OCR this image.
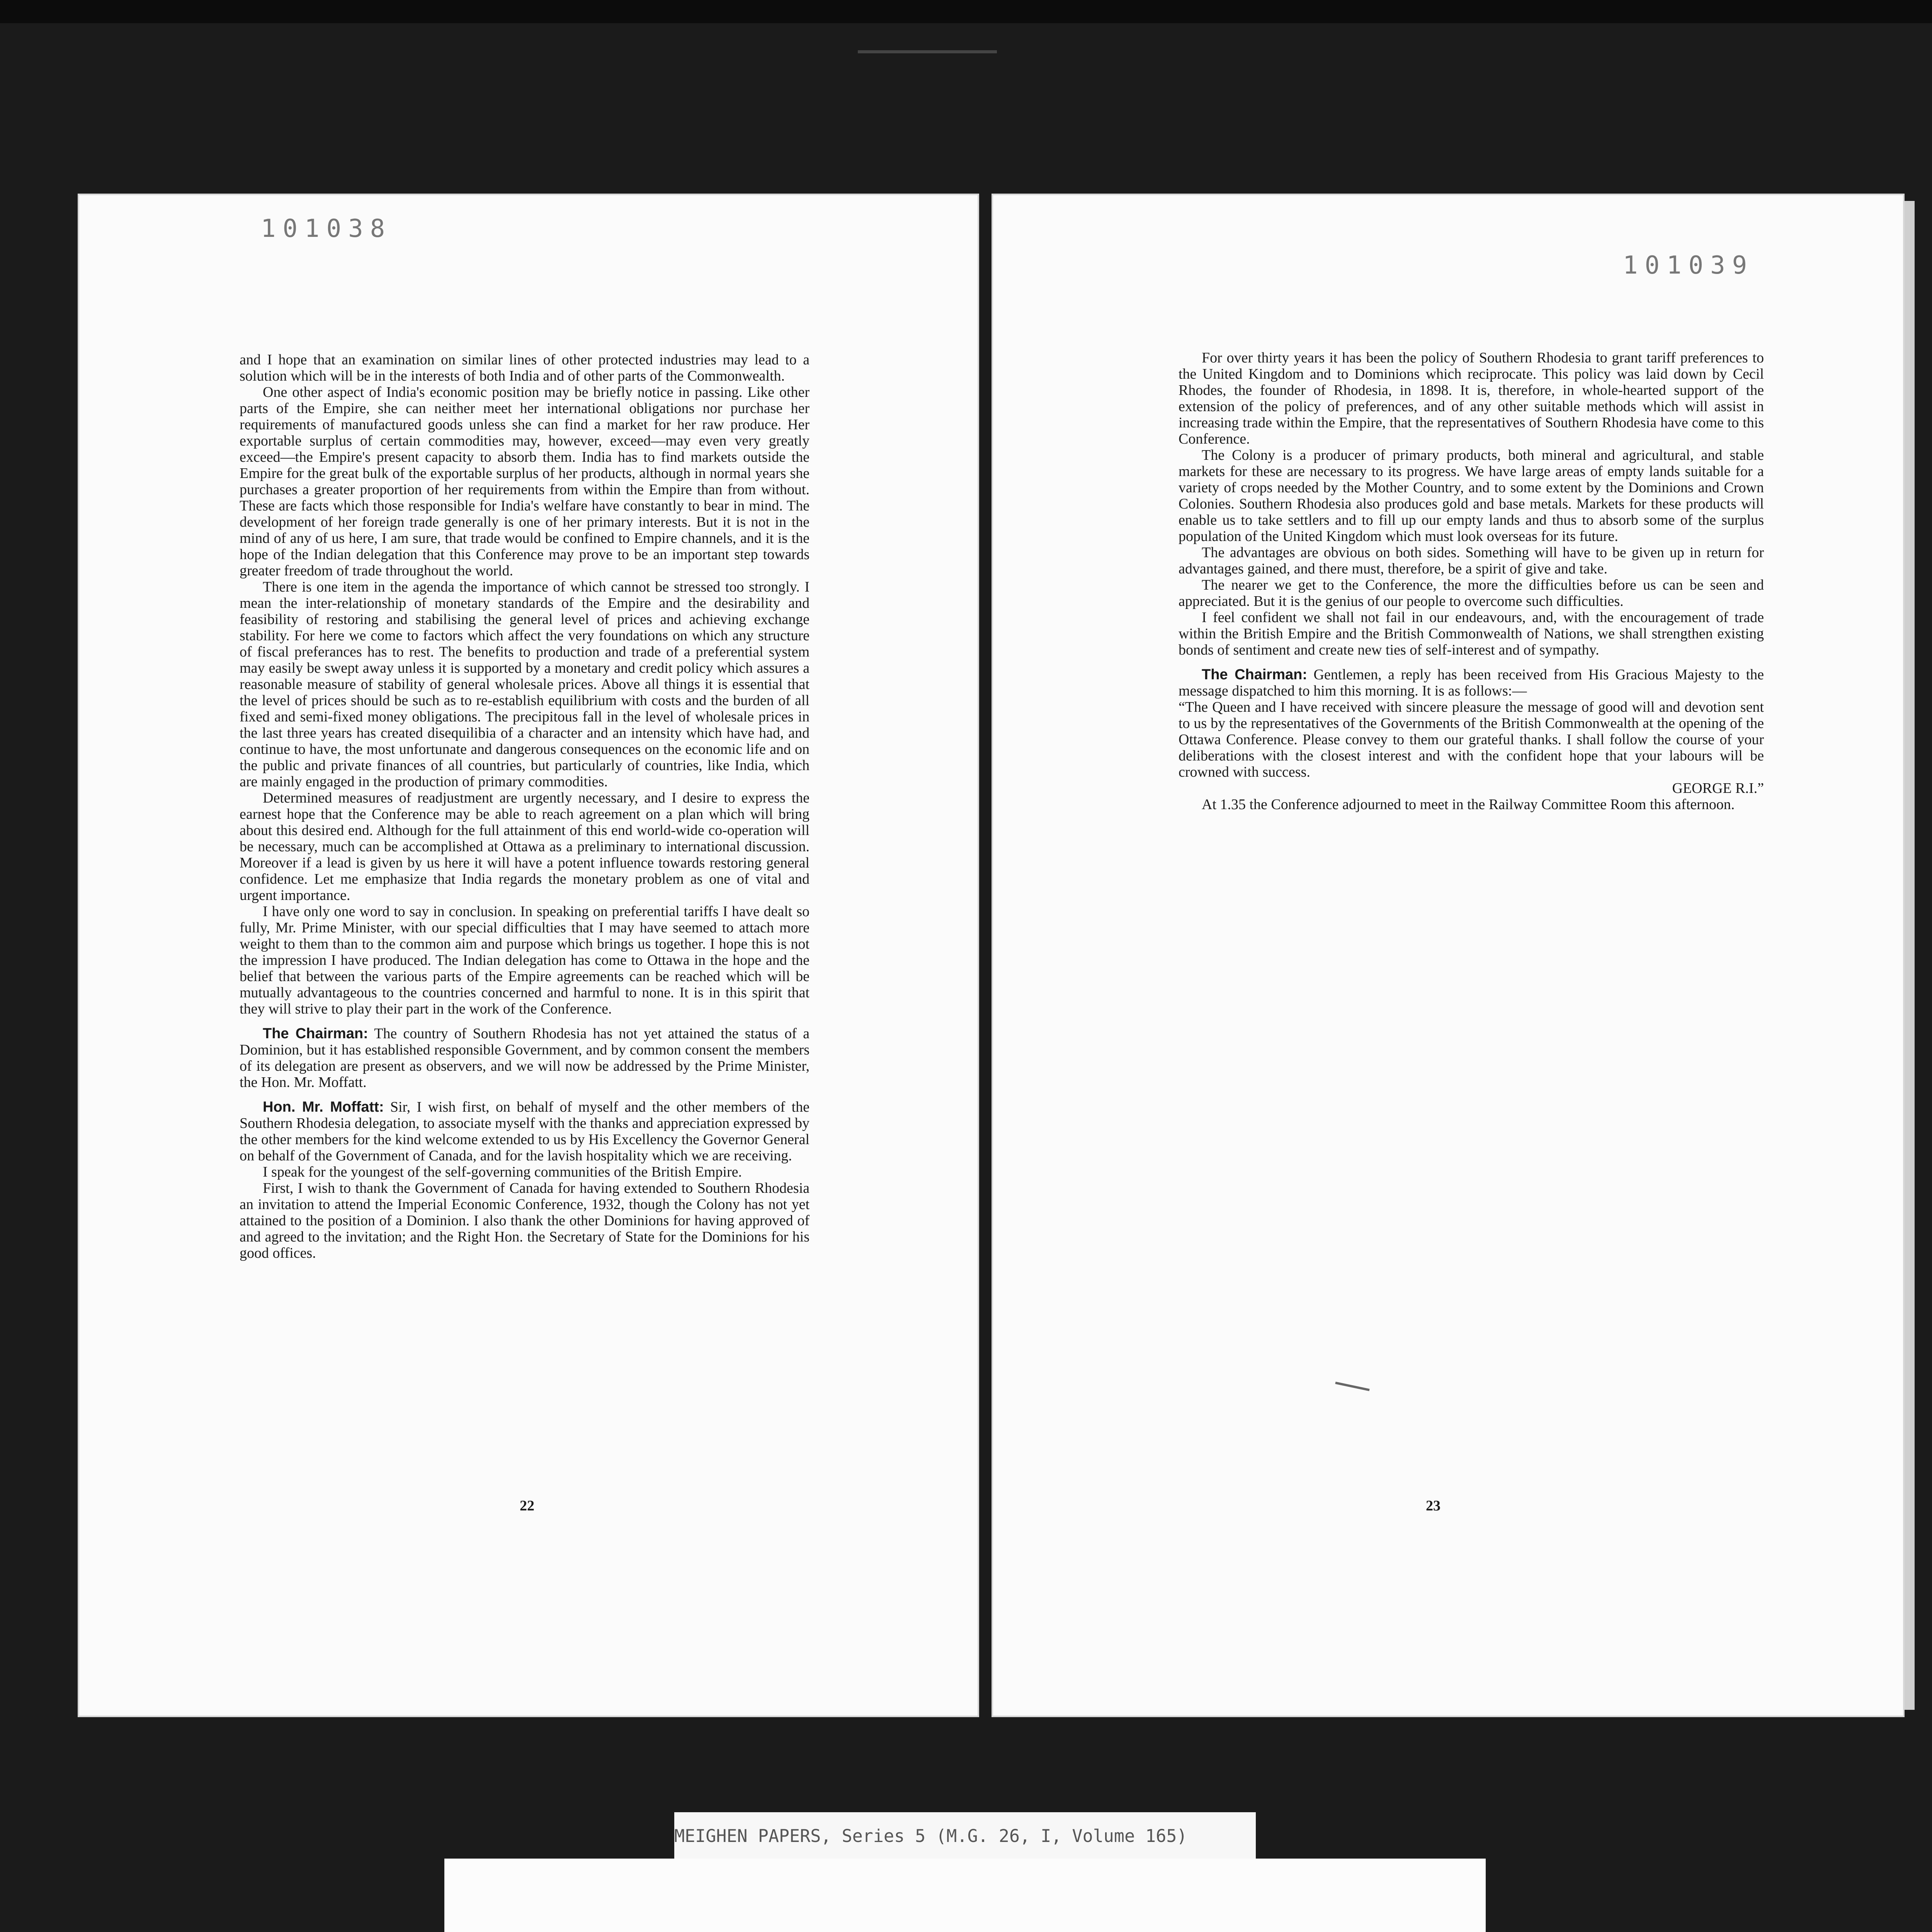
101038

and I hope that an examination on similar lines of other protected industries may lead to a solution which will be in the interests of both India and of other parts of the Commonwealth.

One other aspect of India's economic position may be briefly notice in passing. Like other parts of the Empire, she can neither meet her international obligations nor purchase her requirements of manufactured goods unless she can find a market for her raw produce. Her exportable surplus of certain commodities may, however, exceed—may even very greatly exceed—the Empire's present capacity to absorb them. India has to find markets outside the Empire for the great bulk of the exportable surplus of her products, although in normal years she purchases a greater proportion of her requirements from within the Empire than from without. These are facts which those responsible for India's welfare have constantly to bear in mind. The development of her foreign trade generally is one of her primary interests. But it is not in the mind of any of us here, I am sure, that trade would be confined to Empire channels, and it is the hope of the Indian delegation that this Conference may prove to be an important step towards greater freedom of trade throughout the world.

There is one item in the agenda the importance of which cannot be stressed too strongly. I mean the inter-relationship of monetary standards of the Empire and the desirability and feasibility of restoring and stabilising the general level of prices and achieving exchange stability. For here we come to factors which affect the very foundations on which any structure of fiscal preferances has to rest. The benefits to production and trade of a preferential system may easily be swept away unless it is supported by a monetary and credit policy which assures a reasonable measure of stability of general wholesale prices. Above all things it is essential that the level of prices should be such as to re-establish equilibrium with costs and the burden of all fixed and semi-fixed money obligations. The precipitous fall in the level of wholesale prices in the last three years has created disequilibia of a character and an intensity which have had, and continue to have, the most unfortunate and dangerous consequences on the economic life and on the public and private finances of all countries, but particularly of countries, like India, which are mainly engaged in the production of primary commodities.

Determined measures of readjustment are urgently necessary, and I desire to express the earnest hope that the Conference may be able to reach agreement on a plan which will bring about this desired end. Although for the full attainment of this end world-wide co-operation will be necessary, much can be accomplished at Ottawa as a preliminary to international discussion. Moreover if a lead is given by us here it will have a potent influence towards restoring general confidence. Let me emphasize that India regards the monetary problem as one of vital and urgent importance.

I have only one word to say in conclusion. In speaking on preferential tariffs I have dealt so fully, Mr. Prime Minister, with our special difficulties that I may have seemed to attach more weight to them than to the common aim and purpose which brings us together. I hope this is not the impression I have produced. The Indian delegation has come to Ottawa in the hope and the belief that between the various parts of the Empire agreements can be reached which will be mutually advantageous to the countries concerned and harmful to none. It is in this spirit that they will strive to play their part in the work of the Conference.

The Chairman: The country of Southern Rhodesia has not yet attained the status of a Dominion, but it has established responsible Government, and by common consent the members of its delegation are present as observers, and we will now be addressed by the Prime Minister, the Hon. Mr. Moffatt.

Hon. Mr. Moffatt: Sir, I wish first, on behalf of myself and the other members of the Southern Rhodesia delegation, to associate myself with the thanks and appreciation expressed by the other members for the kind welcome extended to us by His Excellency the Governor General on behalf of the Government of Canada, and for the lavish hospitality which we are receiving.

I speak for the youngest of the self-governing communities of the British Empire.

First, I wish to thank the Government of Canada for having extended to Southern Rhodesia an invitation to attend the Imperial Economic Conference, 1932, though the Colony has not yet attained to the position of a Dominion. I also thank the other Dominions for having approved of and agreed to the invitation; and the Right Hon. the Secretary of State for the Dominions for his good offices.

22
101039

For over thirty years it has been the policy of Southern Rhodesia to grant tariff preferences to the United Kingdom and to Dominions which reciprocate. This policy was laid down by Cecil Rhodes, the founder of Rhodesia, in 1898. It is, therefore, in whole-hearted support of the extension of the policy of preferences, and of any other suitable methods which will assist in increasing trade within the Empire, that the representatives of Southern Rhodesia have come to this Conference.

The Colony is a producer of primary products, both mineral and agricultural, and stable markets for these are necessary to its progress. We have large areas of empty lands suitable for a variety of crops needed by the Mother Country, and to some extent by the Dominions and Crown Colonies. Southern Rhodesia also produces gold and base metals. Markets for these products will enable us to take settlers and to fill up our empty lands and thus to absorb some of the surplus population of the United Kingdom which must look overseas for its future.

The advantages are obvious on both sides. Something will have to be given up in return for advantages gained, and there must, therefore, be a spirit of give and take.

The nearer we get to the Conference, the more the difficulties before us can be seen and appreciated. But it is the genius of our people to overcome such difficulties.

I feel confident we shall not fail in our endeavours, and, with the encouragement of trade within the British Empire and the British Commonwealth of Nations, we shall strengthen existing bonds of sentiment and create new ties of self-interest and of sympathy.

The Chairman: Gentlemen, a reply has been received from His Gracious Majesty to the message dispatched to him this morning. It is as follows:—

“The Queen and I have received with sincere pleasure the message of good will and devotion sent to us by the representatives of the Governments of the British Commonwealth at the opening of the Ottawa Conference. Please convey to them our grateful thanks. I shall follow the course of your deliberations with the closest interest and with the confident hope that your labours will be crowned with success.

GEORGE R.I.”

At 1.35 the Conference adjourned to meet in the Railway Committee Room this afternoon.

23
MEIGHEN PAPERS, Series 5 (M.G. 26, I, Volume 165)
